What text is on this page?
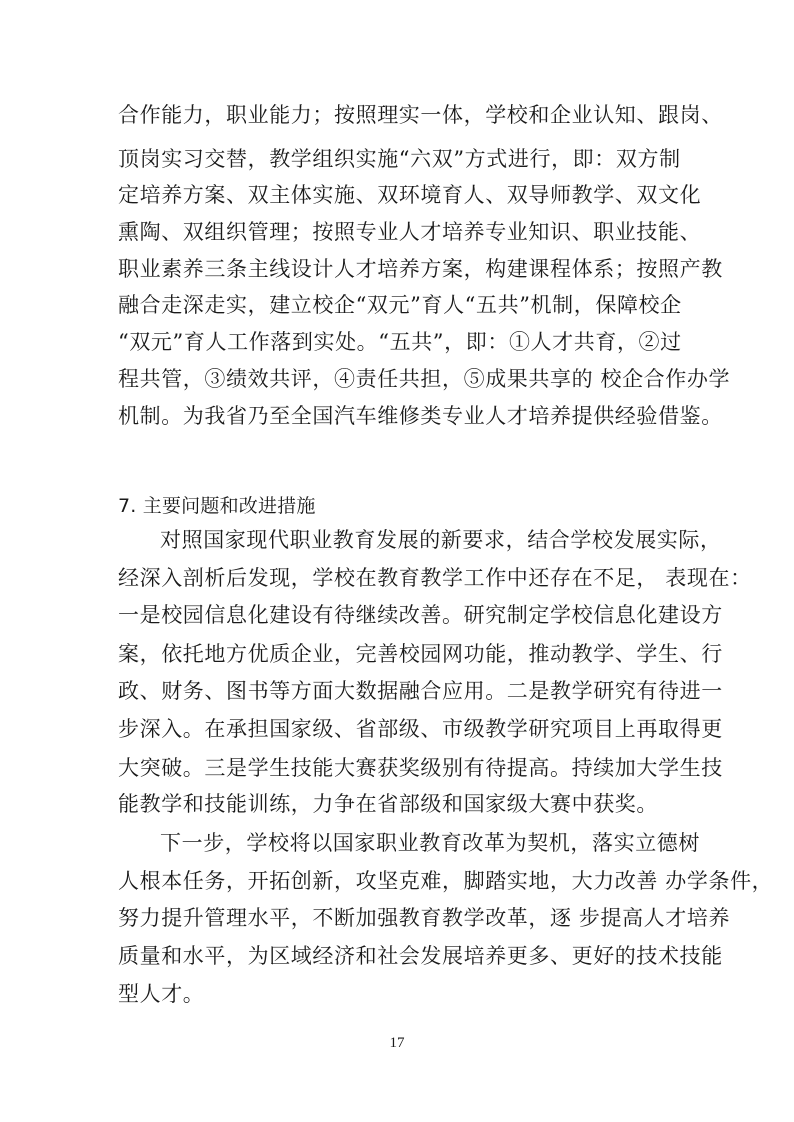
合作能力，职业能力；按照理实一体，学校和企业认知、跟岗、
顶岗实习交替，教学组织实施“六双”方式进行，即：双方制
定培养方案、双主体实施、双环境育人、双导师教学、双文化
熏陶、双组织管理；按照专业人才培养专业知识、职业技能、
职业素养三条主线设计人才培养方案，构建课程体系；按照产教
融合走深走实，建立校企“双元”育人“五共”机制，保障校企
“双元”育人工作落到实处。“五共”，即：①人才共育，②过
程共管，③绩效共评，④责任共担，⑤成果共享的 校企合作办学
机制。为我省乃至全国汽车维修类专业人才培养提供经验借鉴。
7. 主要问题和改进措施
对照国家现代职业教育发展的新要求，结合学校发展实际，
经深入剖析后发现，学校在教育教学工作中还存在不足， 表现在：
一是校园信息化建设有待继续改善。研究制定学校信息化建设方
案，依托地方优质企业，完善校园网功能，推动教学、学生、行
政、财务、图书等方面大数据融合应用。二是教学研究有待进一
步深入。在承担国家级、省部级、市级教学研究项目上再取得更
大突破。三是学生技能大赛获奖级别有待提高。持续加大学生技
能教学和技能训练，力争在省部级和国家级大赛中获奖。
下一步，学校将以国家职业教育改革为契机，落实立德树
人根本任务，开拓创新，攻坚克难，脚踏实地，大力改善 办学条件，
努力提升管理水平，不断加强教育教学改革，逐 步提高人才培养
质量和水平，为区域经济和社会发展培养更多、更好的技术技能
型人才。
17
